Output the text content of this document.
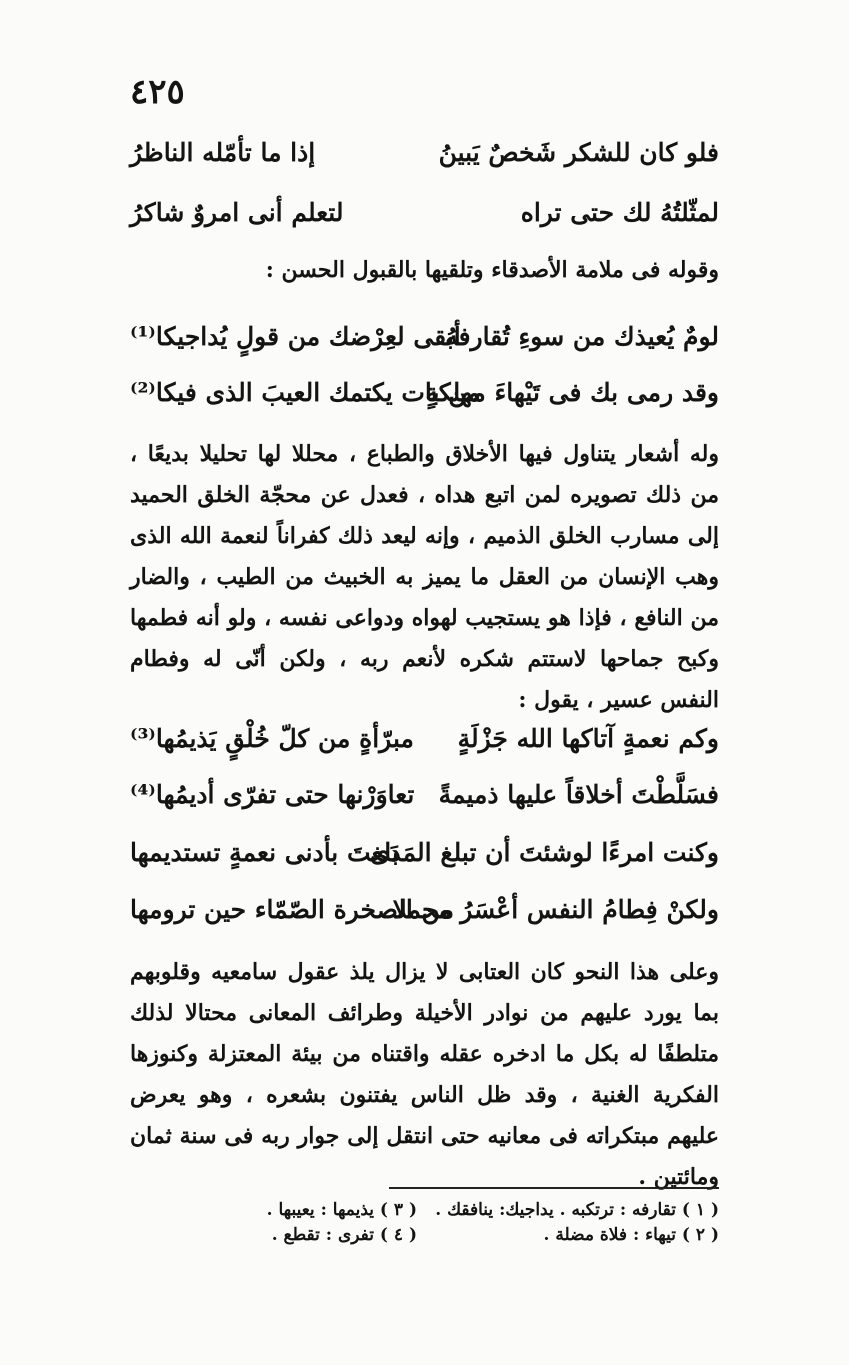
٤٢٥
فلو كان للشكر شَخصٌ يَبينُ
إذا ما تأمّله الناظرُ
لمثّلتُهُ لك حتى تراه
لتعلم أنى امروٌ شاكرُ
وقوله فى ملامة الأصدقاء وتلقيها بالقبول الحسن :
لومٌ يُعيذك من سوءِ تُقارفهُ
أبقى لعِرْضك من قولٍ يُداجيكا⁽¹⁾
وقد رمى بك فى تَيْهاءَ مهلكةٍ
من بات يكتمك العيبَ الذى فيكا⁽²⁾
وله أشعار يتناول فيها الأخلاق والطباع ، محللا لها تحليلا بديعًا ، من ذلك تصويره لمن اتبع هداه ، فعدل عن محجّة الخلق الحميد إلى مسارب الخلق الذميم ، وإنه ليعد ذلك كفراناً لنعمة الله الذى وهب الإنسان من العقل ما يميز به الخبيث من الطيب ، والضار من النافع ، فإذا هو يستجيب لهواه ودواعى نفسه ، ولو أنه فطمها وكبح جماحها لاستتم شكره لأنعم ربه ، ولكن أنّى له وفطام النفس عسير ، يقول :
وكم نعمةٍ آتاكها الله جَزْلَةٍ
مبرّأةٍ من كلّ خُلْقٍ يَذيمُها⁽³⁾
فسَلَّطْتَ أخلاقاً عليها ذميمةً
تعاوَرْنها حتى تفرّى أديمُها⁽⁴⁾
وكنت امرءًا لوشئتَ أن تبلغ المَدَى
بلغتَ بأدنى نعمةٍ تستديمها
ولكنْ فِطامُ النفس أعْسَرُ محملا
من الصخرة الصّمّاء حين ترومها
وعلى هذا النحو كان العتابى لا يزال يلذ عقول سامعيه وقلوبهم بما يورد عليهم من نوادر الأخيلة وطرائف المعانى محتالا لذلك متلطفًا له بكل ما ادخره عقله واقتناه من بيئة المعتزلة وكنوزها الفكرية الغنية ، وقد ظل الناس يفتنون بشعره ، وهو يعرض عليهم مبتكراته فى معانيه حتى انتقل إلى جوار ربه فى سنة ثمان ومائتين .
( ١ ) تقارفه : ترتكبه . يداجيك: ينافقك .
( ٢ ) تيهاء : فلاة مضلة .
( ٣ ) يذيمها : يعيبها .
( ٤ ) تفرى : تقطع .
